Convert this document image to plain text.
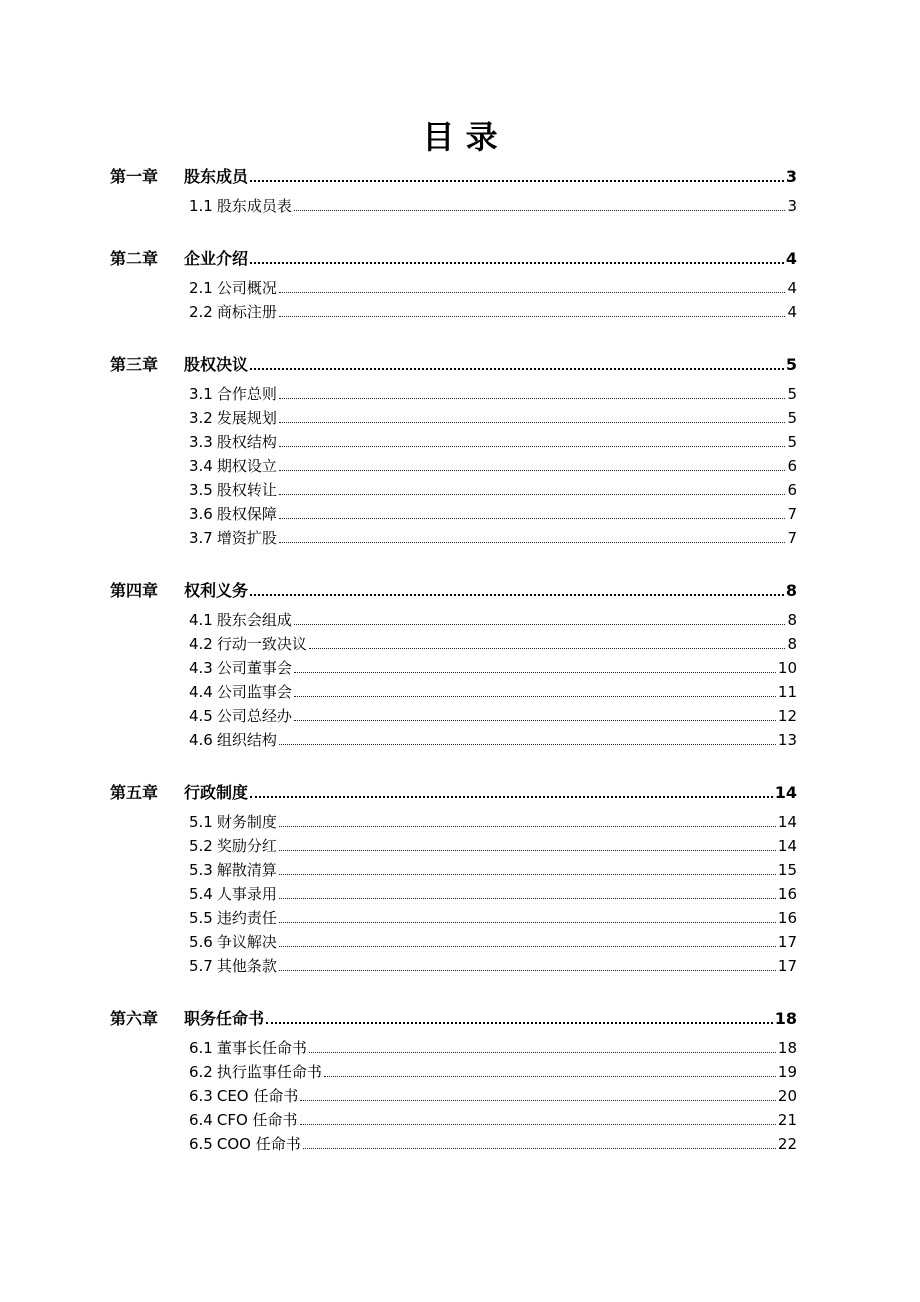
目 录
第一章	股东成员	3
1.1 股东成员表	3
第二章	企业介绍	4
2.1 公司概况	4
2.2 商标注册	4
第三章	股权决议	5
3.1 合作总则	5
3.2 发展规划	5
3.3 股权结构	5
3.4 期权设立	6
3.5 股权转让	6
3.6 股权保障	7
3.7 增资扩股	7
第四章	权利义务	8
4.1 股东会组成	8
4.2 行动一致决议	8
4.3 公司董事会	10
4.4 公司监事会	11
4.5 公司总经办	12
4.6 组织结构	13
第五章	行政制度	14
5.1 财务制度	14
5.2 奖励分红	14
5.3 解散清算	15
5.4 人事录用	16
5.5 违约责任	16
5.6 争议解决	17
5.7 其他条款	17
第六章	职务任命书	18
6.1 董事长任命书	18
6.2 执行监事任命书	19
6.3 CEO 任命书	20
6.4 CFO 任命书	21
6.5 COO 任命书	22
